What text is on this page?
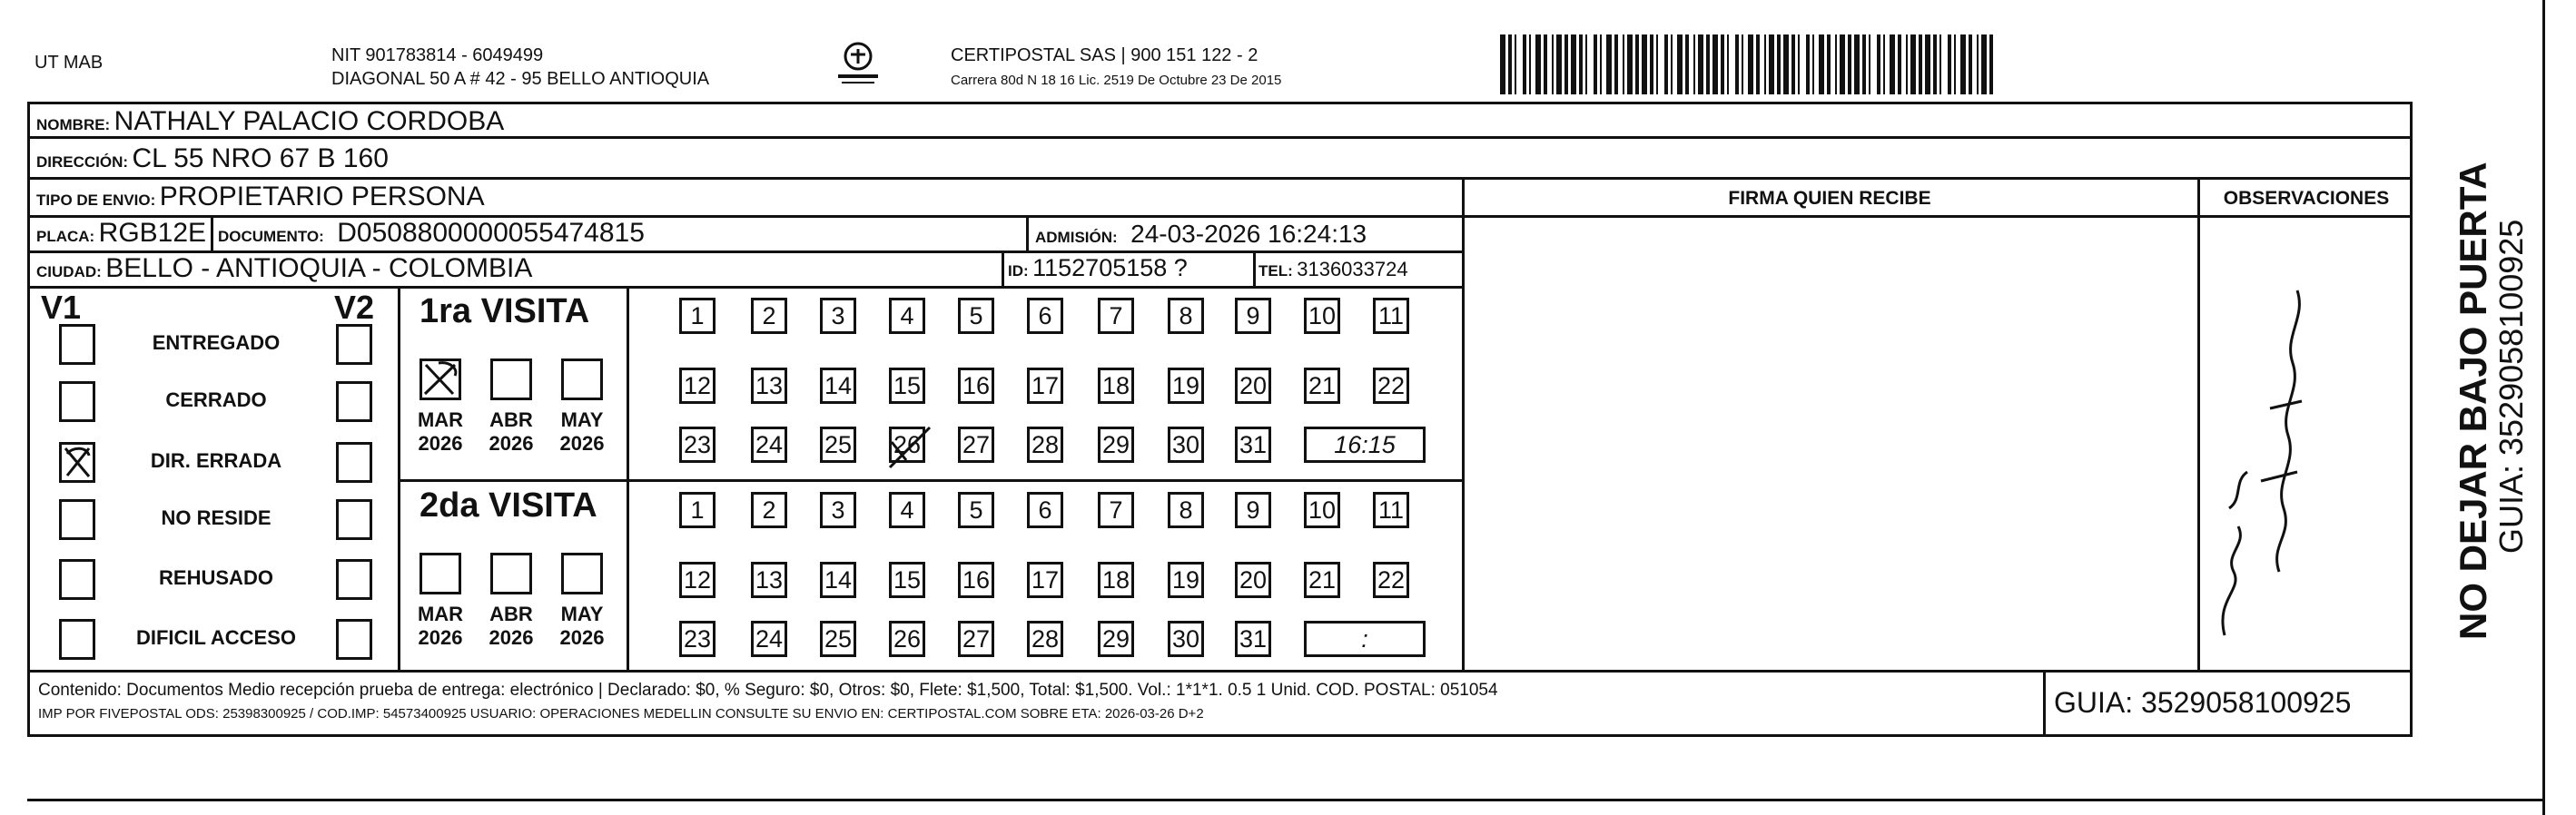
UT MAB	NIT 901783814 - 6049499
DIAGONAL 50 A # 42 - 95 BELLO ANTIOQUIA
CERTIPOSTAL SAS | 900 151 122 - 2
Carrera 80d N 18 16 Lic. 2519 De Octubre 23 De 2015
NOMBRE: NATHALY PALACIO CORDOBA
DIRECCIÓN: CL 55 NRO 67 B 160
TIPO DE ENVIO: PROPIETARIO PERSONA
PLACA: RGB12E DOCUMENTO: D0508800000055474815	ADMISIÓN: 24-03-2026 16:24:13
CIUDAD: BELLO - ANTIOQUIA - COLOMBIA	ID: 1152705158 ?	TEL: 3136033724
FIRMA QUIEN RECIBE	OBSERVACIONES
V1	V2
ENTREGADO
CERRADO
DIR. ERRADA
NO RESIDE
REHUSADO
DIFICIL ACCESO
1ra VISITA
MAR
2026
ABR
2026
MAY
2026
1	2	3	4	5	6	7	8	9	10 11
12 13 14 15 16 17 18 19 20 21 22
23 24 25 26 27 28 29 30 31	16:15
2da VISITA
MAR
2026
ABR
2026
MAY
2026
1	2	3	4	5	6	7	8	9	10 11
12 13 14 15 16 17 18 19 20 21 22
23 24 25 26 27 28 29 30 31	:
Contenido: Documentos Medio recepción prueba de entrega: electrónico | Declarado: $0, % Seguro: $0, Otros: $0, Flete: $1,500, Total: $1,500. Vol.: 1*1*1. 0.5 1 Unid. COD. POSTAL: 051054
IMP POR FIVEPOSTAL ODS: 25398300925 / COD.IMP: 54573400925 USUARIO: OPERACIONES MEDELLIN CONSULTE SU ENVIO EN: CERTIPOSTAL.COM SOBRE ETA: 2026-03-26 D+2	GUIA: 3529058100925
NO DEJAR BAJO PUERTA
GUIA: 3529058100925
